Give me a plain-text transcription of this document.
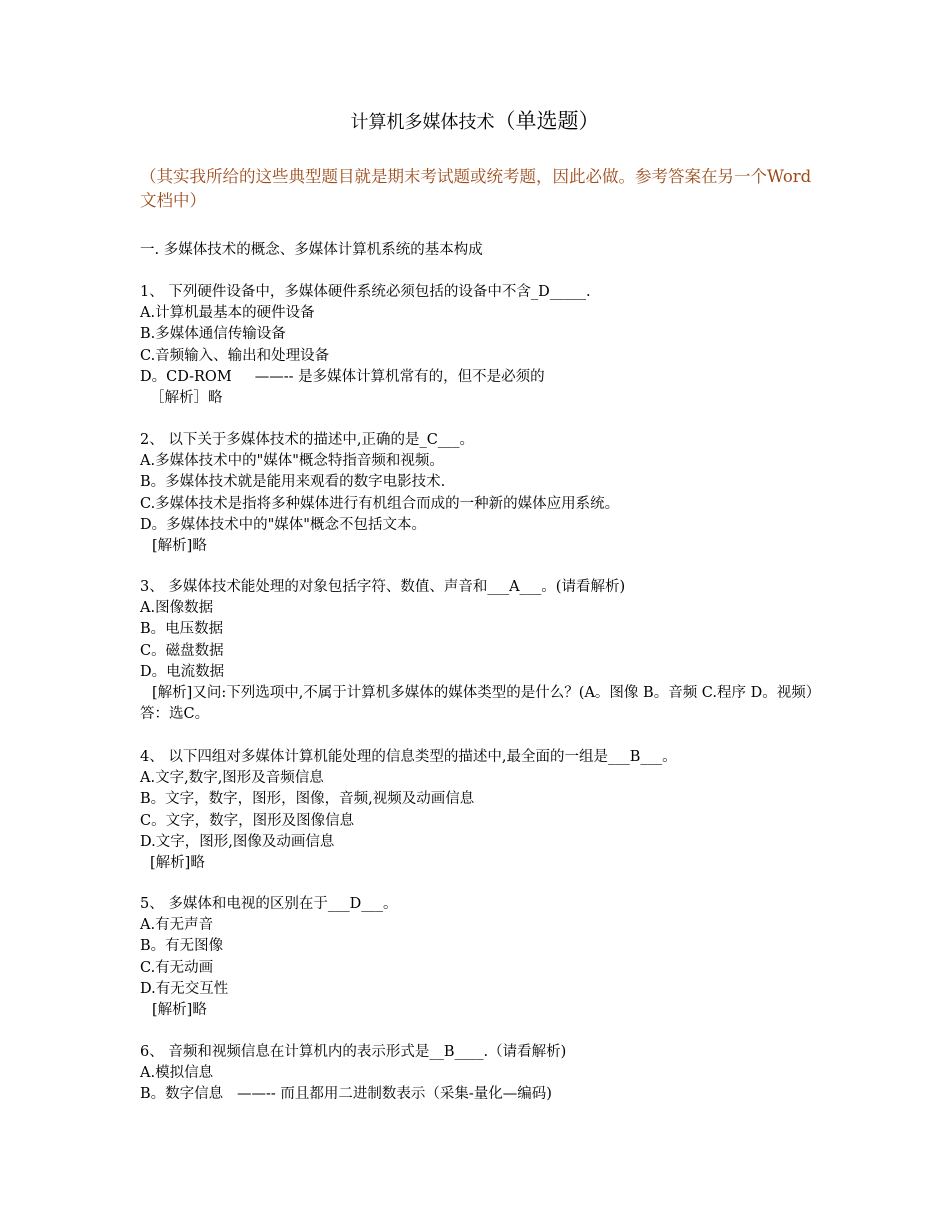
计算机多媒体技术（单选题）
（其实我所给的这些典型题目就是期末考试题或统考题，因此必做。参考答案在另一个Word文档中）
一. 多媒体技术的概念、多媒体计算机系统的基本构成
1、 下列硬件设备中，多媒体硬件系统必须包括的设备中不含_D_____.
A.计算机最基本的硬件设备
B.多媒体通信传输设备
C.音频输入、输出和处理设备
D。CD-ROM     ——-- 是多媒体计算机常有的，但不是必须的
［解析］略
2、 以下关于多媒体技术的描述中,正确的是_C___。
A.多媒体技术中的"媒体"概念特指音频和视频。
B。多媒体技术就是能用来观看的数字电影技术.
C.多媒体技术是指将多种媒体进行有机组合而成的一种新的媒体应用系统。
D。多媒体技术中的"媒体"概念不包括文本。
[解析]略
3、 多媒体技术能处理的对象包括字符、数值、声音和___A___。(请看解析)
A.图像数据
B。电压数据
C。磁盘数据
D。电流数据
[解析]又问:下列选项中,不属于计算机多媒体的媒体类型的是什么？(A。图像 B。音频 C.程序 D。视频）答：选C。
4、 以下四组对多媒体计算机能处理的信息类型的描述中,最全面的一组是___B___。
A.文字,数字,图形及音频信息
B。文字，数字，图形，图像，音频,视频及动画信息
C。文字，数字，图形及图像信息
D.文字，图形,图像及动画信息
[解析]略
5、 多媒体和电视的区别在于___D___。
A.有无声音
B。有无图像
C.有无动画
D.有无交互性
[解析]略
6、 音频和视频信息在计算机内的表示形式是__B____.（请看解析)
A.模拟信息
B。数字信息   ——-- 而且都用二进制数表示（采集-量化—编码)
